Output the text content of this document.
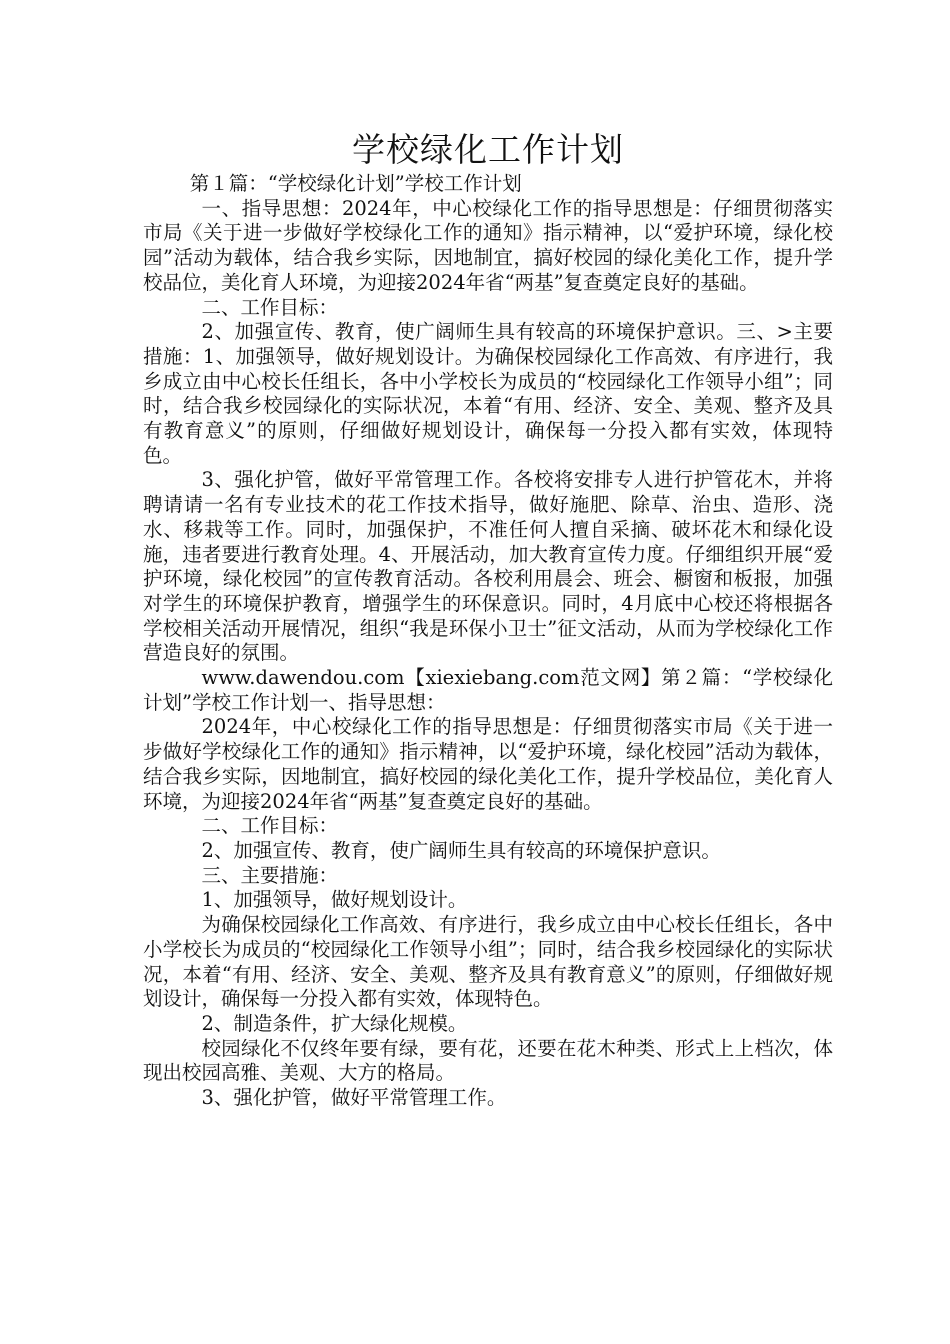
学校绿化工作计划

第１篇：“学校绿化计划”学校工作计划

一、指导思想：2024年，中心校绿化工作的指导思想是：仔细贯彻落实市局《关于进一步做好学校绿化工作的通知》指示精神，以“爱护环境，绿化校园”活动为载体，结合我乡实际，因地制宜，搞好校园的绿化美化工作，提升学校品位，美化育人环境，为迎接2024年省“两基”复查奠定良好的基础。

二、工作目标：

2、加强宣传、教育，使广阔师生具有较高的环境保护意识。三、>主要措施：1、加强领导，做好规划设计。为确保校园绿化工作高效、有序进行，我乡成立由中心校长任组长，各中小学校长为成员的“校园绿化工作领导小组”；同时，结合我乡校园绿化的实际状况，本着“有用、经济、安全、美观、整齐及具有教育意义”的原则，仔细做好规划设计，确保每一分投入都有实效，体现特色。

3、强化护管，做好平常管理工作。各校将安排专人进行护管花木，并将聘请请一名有专业技术的花工作技术指导，做好施肥、除草、治虫、造形、浇水、移栽等工作。同时，加强保护，不准任何人擅自采摘、破坏花木和绿化设施，违者要进行教育处理。4、开展活动，加大教育宣传力度。仔细组织开展“爱护环境，绿化校园”的宣传教育活动。各校利用晨会、班会、橱窗和板报，加强对学生的环境保护教育，增强学生的环保意识。同时，4月底中心校还将根据各学校相关活动开展情况，组织“我是环保小卫士”征文活动，从而为学校绿化工作营造良好的氛围。

www.dawendou.com【xiexiebang.com范文网】第２篇：“学校绿化计划”学校工作计划一、指导思想：

2024年，中心校绿化工作的指导思想是：仔细贯彻落实市局《关于进一步做好学校绿化工作的通知》指示精神，以“爱护环境，绿化校园”活动为载体，结合我乡实际，因地制宜，搞好校园的绿化美化工作，提升学校品位，美化育人环境，为迎接2024年省“两基”复查奠定良好的基础。

二、工作目标：

2、加强宣传、教育，使广阔师生具有较高的环境保护意识。

三、主要措施：

1、加强领导，做好规划设计。

为确保校园绿化工作高效、有序进行，我乡成立由中心校长任组长，各中小学校长为成员的“校园绿化工作领导小组”；同时，结合我乡校园绿化的实际状况，本着“有用、经济、安全、美观、整齐及具有教育意义”的原则，仔细做好规划设计，确保每一分投入都有实效，体现特色。

2、制造条件，扩大绿化规模。

校园绿化不仅终年要有绿，要有花，还要在花木种类、形式上上档次，体现出校园高雅、美观、大方的格局。

3、强化护管，做好平常管理工作。
